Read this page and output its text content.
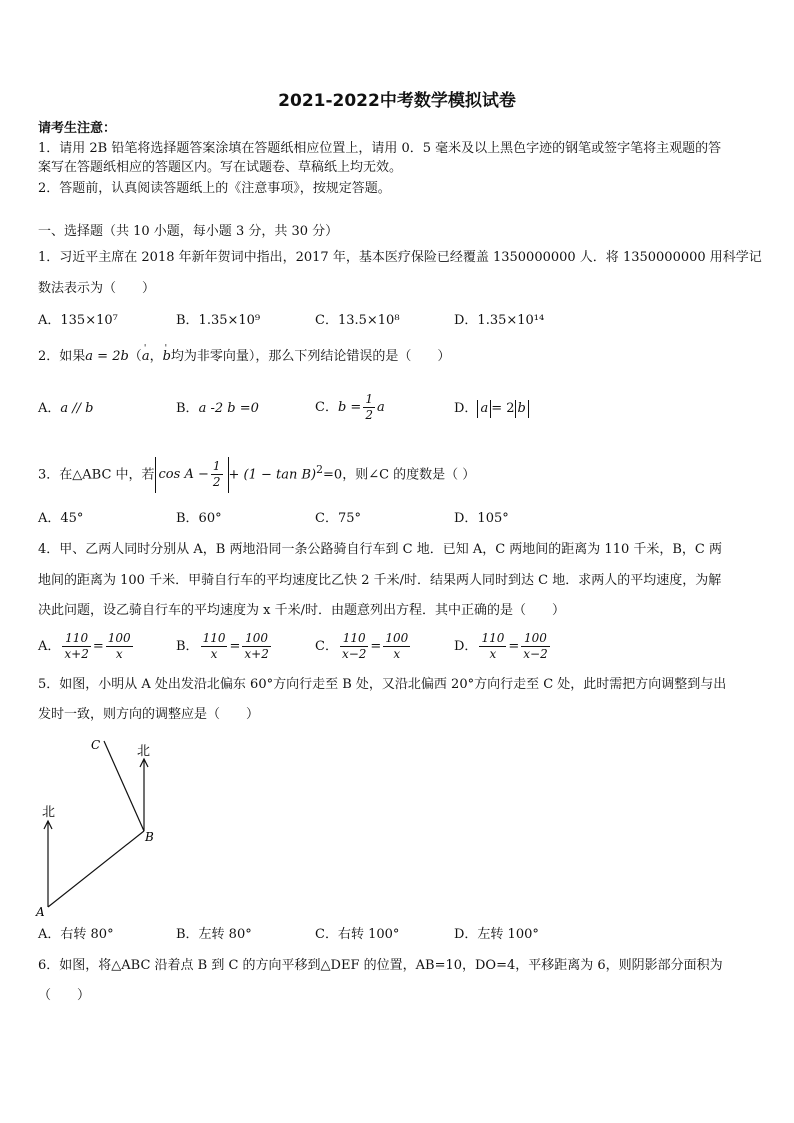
2021-2022中考数学模拟试卷
请考生注意：
1．请用 2B 铅笔将选择题答案涂填在答题纸相应位置上，请用 0．5 毫米及以上黑色字迹的钢笔或签字笔将主观题的答
案写在答题纸相应的答题区内。写在试题卷、草稿纸上均无效。
2．答题前，认真阅读答题纸上的《注意事项》，按规定答题。
一、选择题（共 10 小题，每小题 3 分，共 30 分）
1．习近平主席在 2018 年新年贺词中指出，2017 年，基本医疗保险已经覆盖 1350000000 人．将 1350000000 用科学记
数法表示为（　　）
A．135×10⁷	B．1.35×10⁹	C．13.5×10⁸	D．1.35×10¹⁴
2．如果a = 2b（' a，' b均为非零向量），那么下列结论错误的是（　　）
A．a // b	B．a -2 b =0	C．$b = \frac{1}{2}$ a	D． a = 2 b
3．在△ABC 中，若 $\cos A - \frac{1}{2} + (1 - \tan B)^2=0$，则∠C 的度数是（ ）
A．45°	B．60°	C．75°	D．105°
4．甲、乙两人同时分别从 A，B 两地沿同一条公路骑自行车到 C 地．已知 A，C 两地间的距离为 110 千米，B，C 两
地间的距离为 100 千米．甲骑自行车的平均速度比乙快 2 千米/时．结果两人同时到达 C 地．求两人的平均速度，为解
决此问题，设乙骑自行车的平均速度为 x 千米/时．由题意列出方程．其中正确的是（　　）
A． $\frac{110}{x+2} = \frac{100}{x}$	B． $\frac{110}{x} = \frac{100}{x+2}$	C． $\frac{110}{x-2} = \frac{100}{x}$	D． $\frac{110}{x} = \frac{100}{x-2}$
5．如图，小明从 A 处出发沿北偏东 60°方向行走至 B 处，又沿北偏西 20°方向行走至 C 处，此时需把方向调整到与出
发时一致，则方向的调整应是（　　）
北
北
A
B
C
A．右转 80°	B．左转 80°	C．右转 100°	D．左转 100°
6．如图，将△ABC 沿着点 B 到 C 的方向平移到△DEF 的位置，AB=10，DO=4，平移距离为 6，则阴影部分面积为
（　　）
